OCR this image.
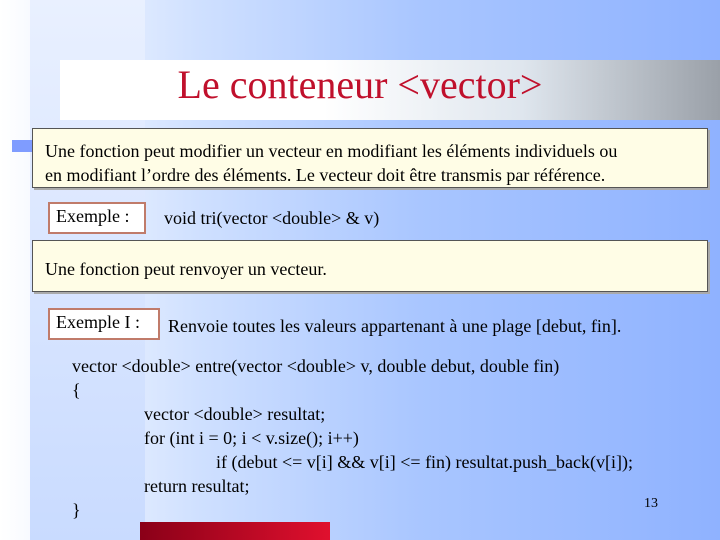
Le conteneur <vector>
Une fonction peut modifier un vecteur en modifiant les éléments individuels ou
en modifiant l’ordre des éléments. Le vecteur doit être transmis par référence.
Exemple :	void tri(vector <double> & v)
Une fonction peut renvoyer un vecteur.
Exemple I :	Renvoie toutes les valeurs appartenant à une plage [debut, fin].
vector <double> entre(vector <double> v, double debut, double fin)
{
vector <double> resultat;
for (int i = 0; i < v.size(); i++)
if (debut <= v[i] && v[i] <= fin) resultat.push_back(v[i]);
return resultat;
}	13
